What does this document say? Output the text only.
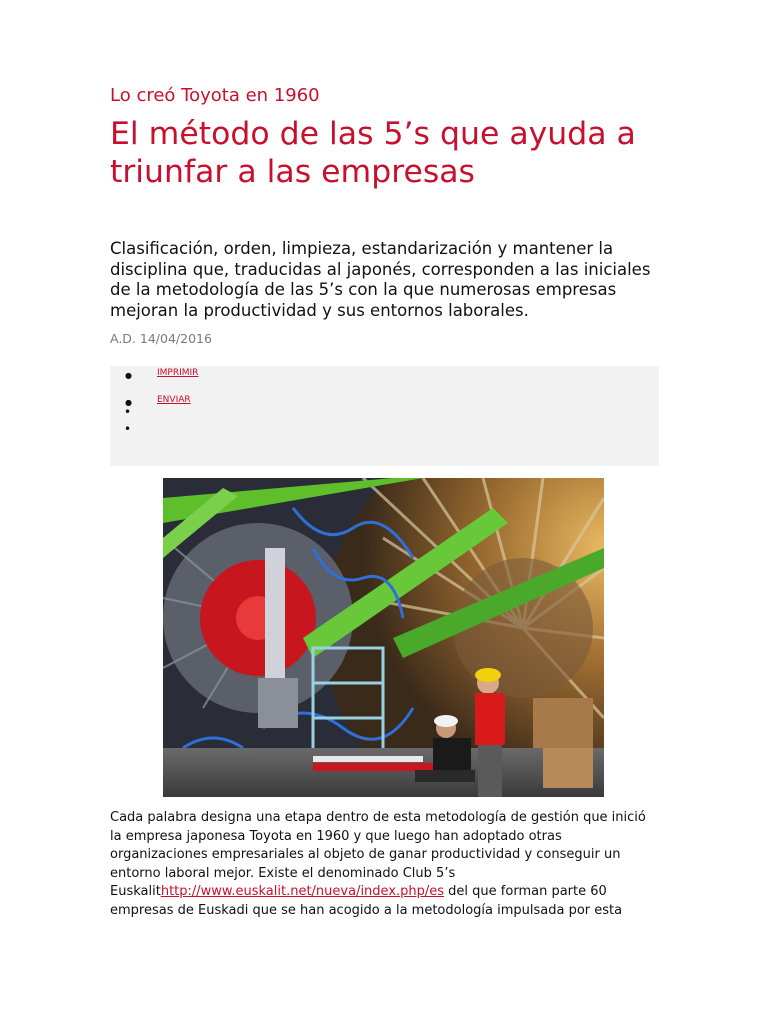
Lo creó Toyota en 1960
El método de las 5’s que ayuda a triunfar a las empresas

Clasificación, orden, limpieza, estandarización y mantener la disciplina que, traducidas al japonés, corresponden a las iniciales de la metodología de las 5’s con la que numerosas empresas mejoran la productividad y sus entornos laborales.

A.D. 14/04/2016
●	IMPRIMIR
●	ENVIAR
•
•

Cada palabra designa una etapa dentro de esta metodología de gestión que inició la empresa japonesa Toyota en 1960 y que luego han adoptado otras organizaciones empresariales al objeto de ganar productividad y conseguir un entorno laboral mejor. Existe el denominado Club 5’s Euskalithttp://www.euskalit.net/nueva/index.php/es del que forman parte 60 empresas de Euskadi que se han acogido a la metodología impulsada por esta
